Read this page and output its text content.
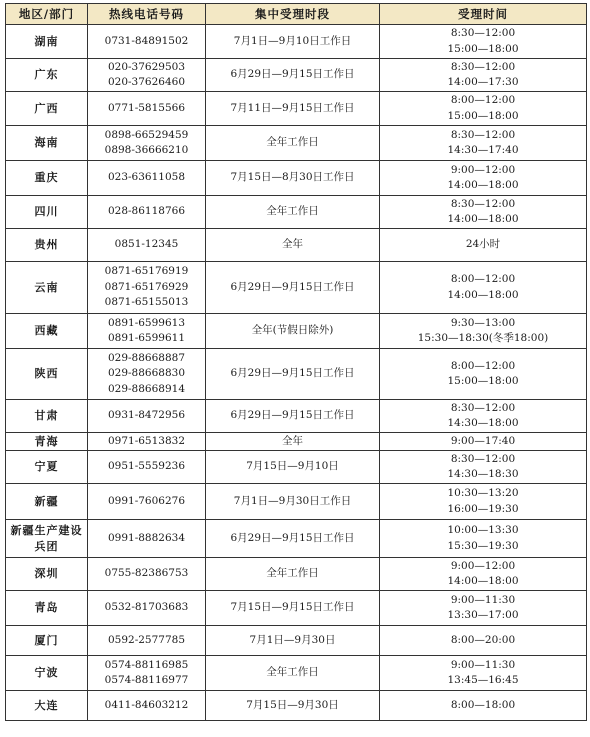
地区/部门	热线电话号码	集中受理时段	受理时间
湖南	0731-84891502	7月1日—9月10日工作日	8:30—12:00
15:00—18:00

广东	020-37629503
020-37626460	6月29日—9月15日工作日	8:30—12:00
14:00—17:30

广西	0771-5815566	7月11日—9月15日工作日	8:00—12:00
15:00—18:00

海南	0898-66529459
0898-36666210	全年工作日	8:30—12:00
14:30—17:40

重庆	023-63611058	7月15日—8月30日工作日	9:00—12:00
14:00—18:00

四川	028-86118766	全年工作日	8:30—12:00
14:00—18:00

贵州	0851-12345	全年	24小时

云南	0871-65176919
0871-65176929
0871-65155013	6月29日—9月15日工作日	8:00—12:00
14:00—18:00

西藏	0891-6599613
0891-6599611	全年(节假日除外)	9:30—13:00
15:30—18:30(冬季18:00)

陕西	029-88668887
029-88668830
029-88668914	6月29日—9月15日工作日	8:00—12:00
15:00—18:00

甘肃	0931-8472956	6月29日—9月15日工作日	8:30—12:00
14:30—18:00

青海	0971-6513832	全年	9:00—17:40

宁夏	0951-5559236	7月15日—9月10日	8:30—12:00
14:30—18:30

新疆	0991-7606276	7月1日—9月30日工作日	10:30—13:20
16:00—19:30

新疆生产建设兵团	0991-8882634	6月29日—9月15日工作日	10:00—13:30
15:30—19:30

深圳	0755-82386753	全年工作日	9:00—12:00
14:00—18:00

青岛	0532-81703683	7月15日—9月15日工作日	9:00—11:30
13:30—17:00

厦门	0592-2577785	7月1日—9月30日	8:00—20:00

宁波	0574-88116985
0574-88116977	全年工作日	9:00—11:30
13:45—16:45

大连	0411-84603212	7月15日—9月30日	8:00—18:00
